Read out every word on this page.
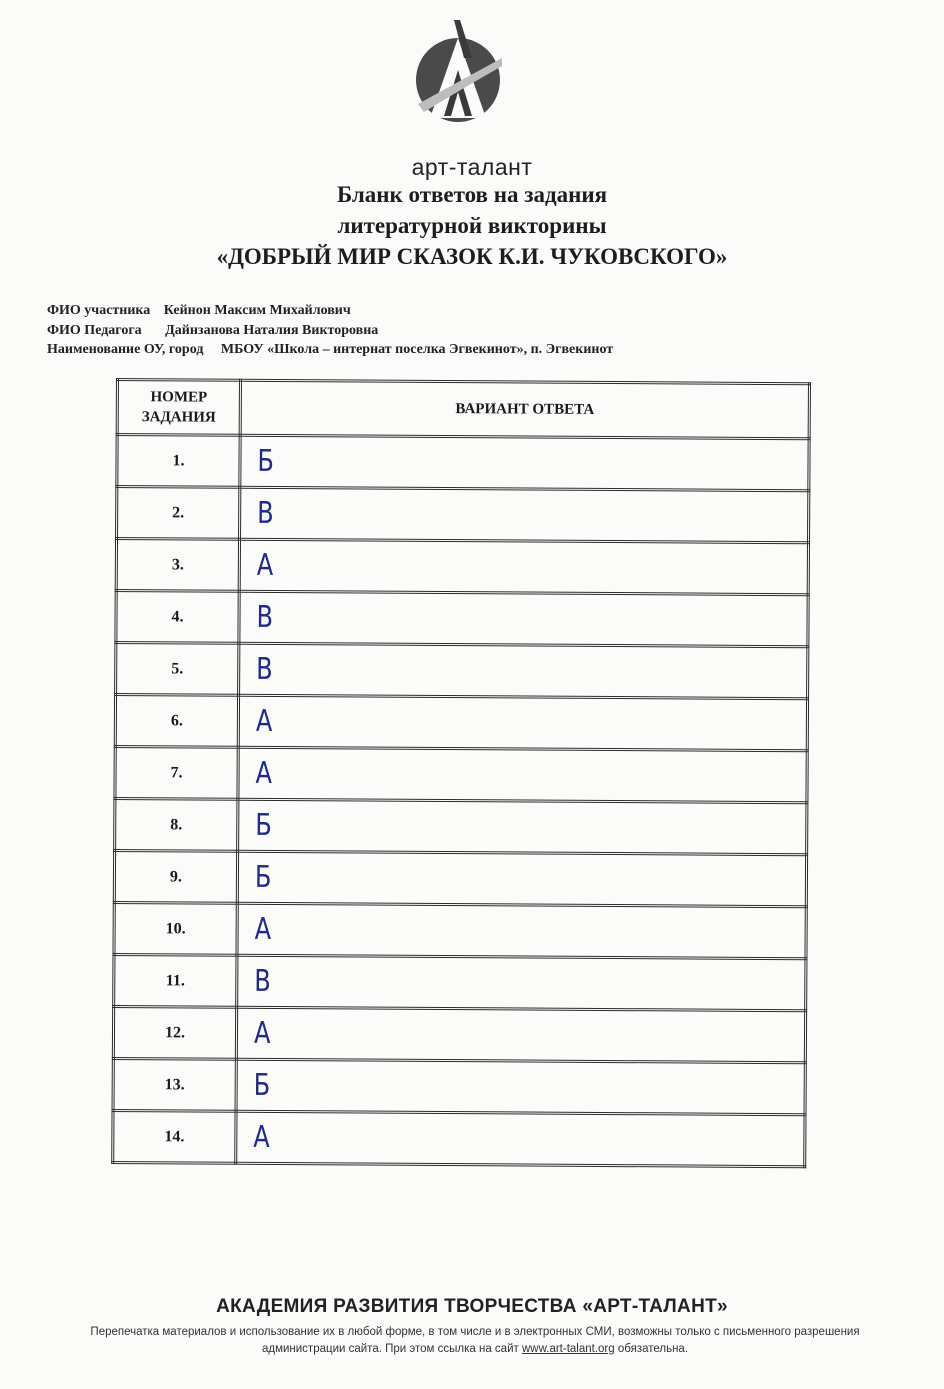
арт-талант
Бланк ответов на задания
литературной викторины
«ДОБРЫЙ МИР СКАЗОК К.И. ЧУКОВСКОГО»
ФИО участника Кейнон Максим Михайлович
ФИО Педагога Дайнзанова Наталия Викторовна
Наименование ОУ, город МБОУ «Школа – интернат поселка Эгвекинот», п. Эгвекинот
НОМЕР
ЗАДАНИЯ	ВАРИАНТ ОТВЕТА
1.	Б
2.	В
3.	А
4.	В
5.	В
6.	А
7.	А
8.	Б
9.	Б
10.	А
11.	В
12.	А
13.	Б
14.	А
АКАДЕМИЯ РАЗВИТИЯ ТВОРЧЕСТВА «АРТ-ТАЛАНТ»
Перепечатка материалов и использование их в любой форме, в том числе и в электронных СМИ, возможны только с письменного разрешения администрации сайта. При этом ссылка на сайт www.art-talant.org обязательна.
